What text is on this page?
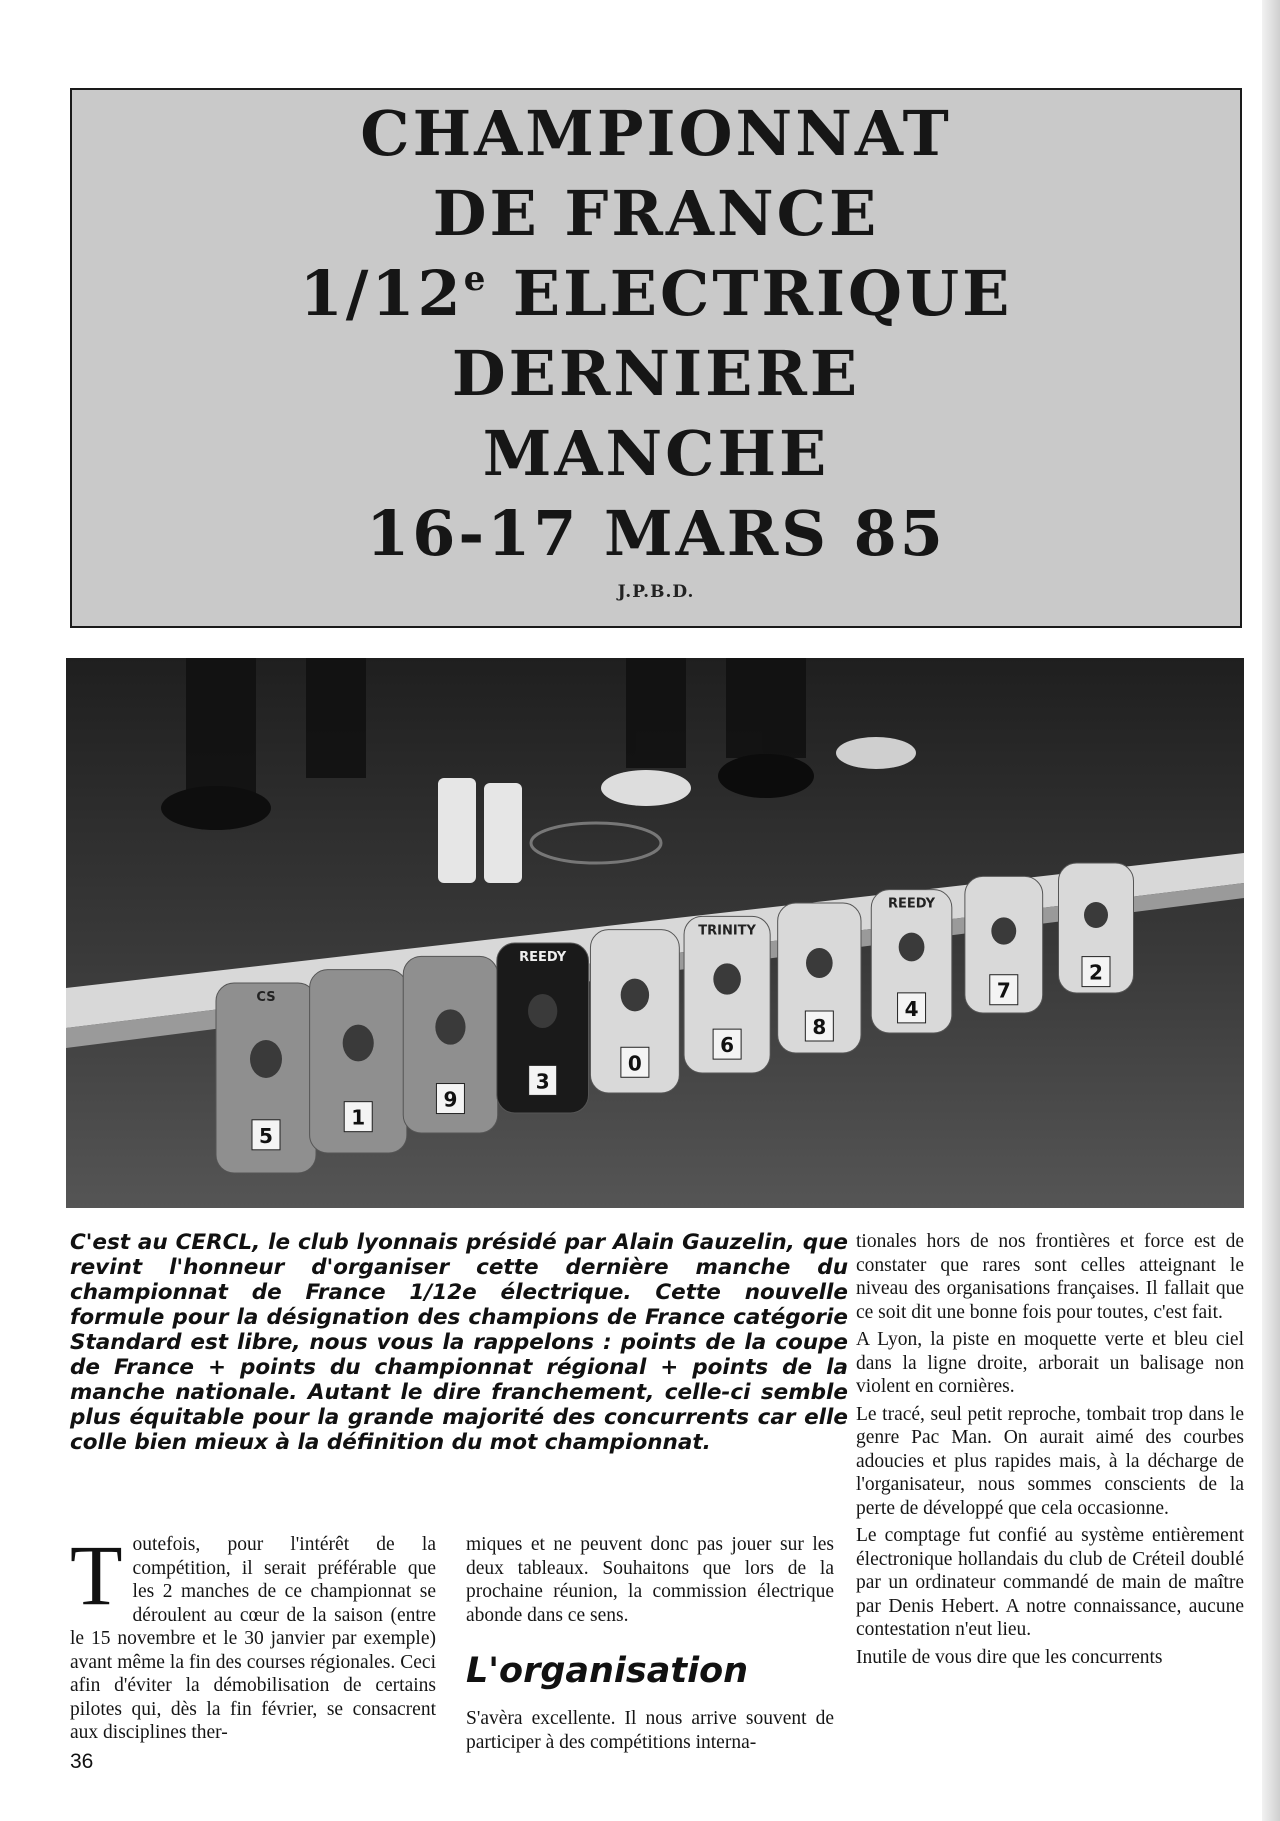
CHAMPIONNAT
DE FRANCE
1/12e ELECTRIQUE
DERNIERE
MANCHE
16-17 MARS 85
J.P.B.D.
5
1
9
3
0
6
8
4
7
2
CS
REEDY
TRINITY
REEDY

C'est au CERCL, le club lyonnais présidé par Alain Gauzelin, que revint l'honneur d'organiser cette dernière manche du championnat de France 1/12e électrique. Cette nouvelle formule pour la désignation des champions de France catégorie Standard est libre, nous vous la rappelons : points de la coupe de France + points du championnat régional + points de la manche nationale. Autant le dire franchement, celle-ci semble plus équitable pour la grande majorité des concurrents car elle colle bien mieux à la définition du mot championnat.

Toutefois, pour l'intérêt de la compétition, il serait préférable que les 2 manches de ce championnat se déroulent au cœur de la saison (entre le 15 novembre et le 30 janvier par exemple) avant même la fin des courses régionales. Ceci afin d'éviter la démobilisation de certains pilotes qui, dès la fin février, se consacrent aux disciplines ther-

miques et ne peuvent donc pas jouer sur les deux tableaux. Souhaitons que lors de la prochaine réunion, la commission électrique abonde dans ce sens.

L'organisation

S'avèra excellente. Il nous arrive souvent de participer à des compétitions interna-

tionales hors de nos frontières et force est de constater que rares sont celles atteignant le niveau des organisations françaises. Il fallait que ce soit dit une bonne fois pour toutes, c'est fait.

A Lyon, la piste en moquette verte et bleu ciel dans la ligne droite, arborait un balisage non violent en cornières.

Le tracé, seul petit reproche, tombait trop dans le genre Pac Man. On aurait aimé des courbes adoucies et plus rapides mais, à la décharge de l'organisateur, nous sommes conscients de la perte de développé que cela occasionne.

Le comptage fut confié au système entièrement électronique hollandais du club de Créteil doublé par un ordinateur commandé de main de maître par Denis Hebert. A notre connaissance, aucune contestation n'eut lieu.

Inutile de vous dire que les concurrents

36
